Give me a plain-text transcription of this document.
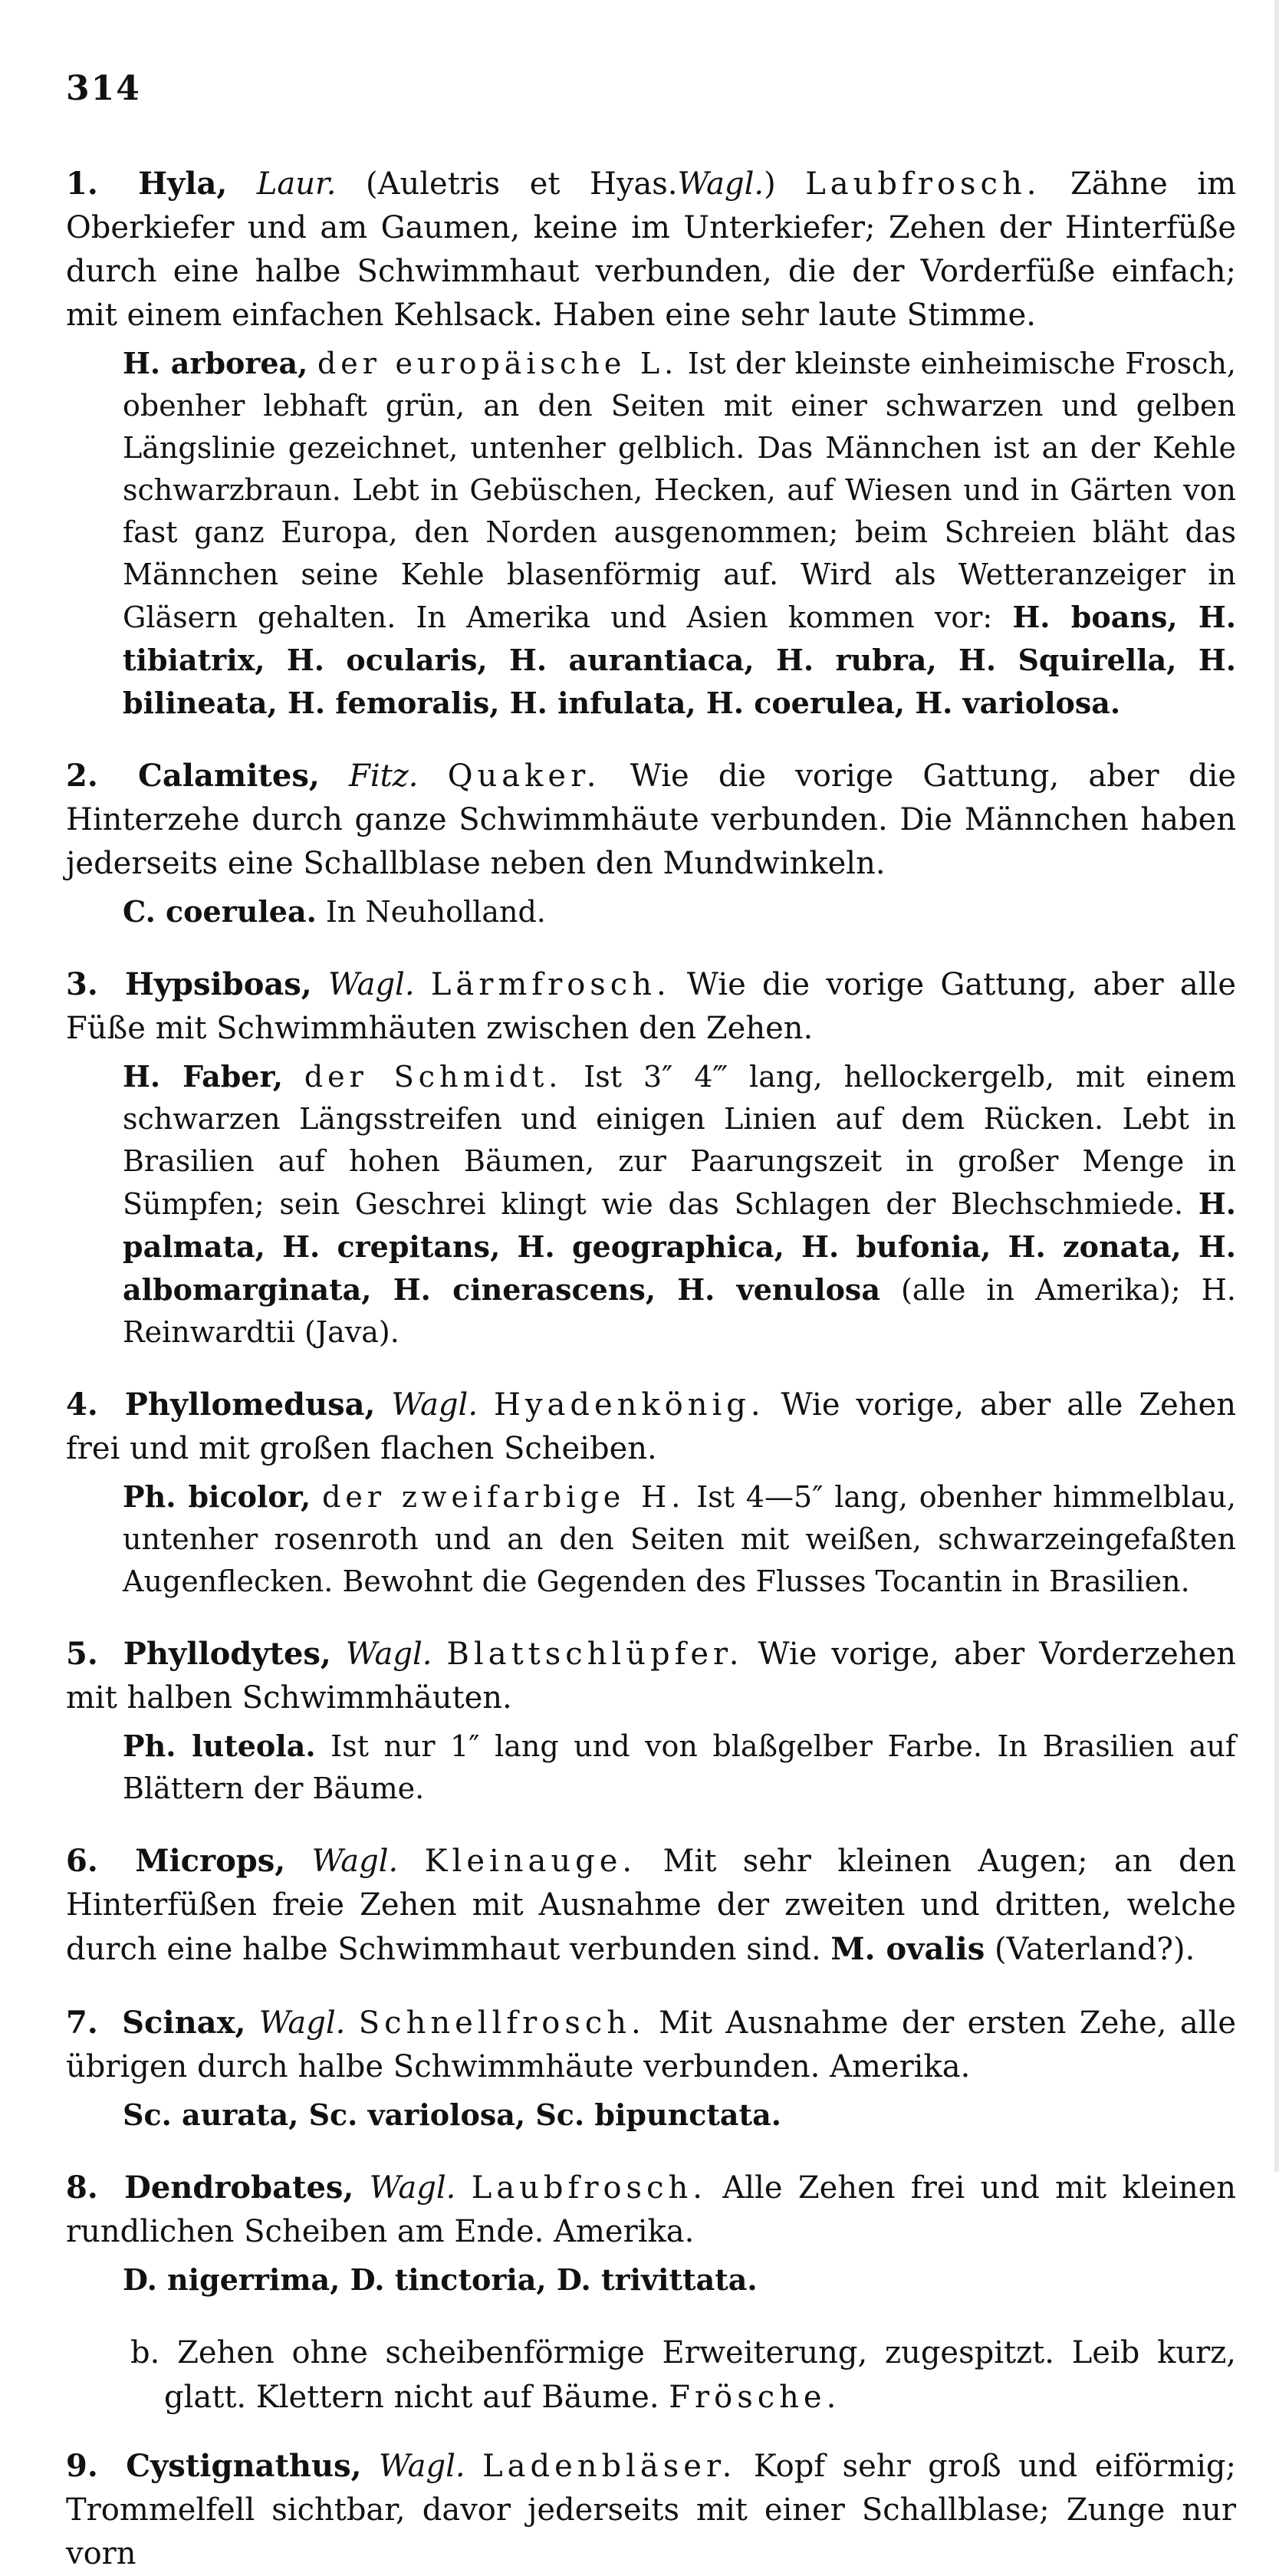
314
1. Hyla, Laur. (Auletris et Hyas.Wagl.) Laubfrosch. Zähne im Oberkiefer und am Gaumen, keine im Unterkiefer; Zehen der Hinterfüße durch eine halbe Schwimmhaut verbunden, die der Vorderfüße einfach; mit einem einfachen Kehlsack. Haben eine sehr laute Stimme.
H. arborea, der europäische L. Ist der kleinste einheimische Frosch, obenher lebhaft grün, an den Seiten mit einer schwarzen und gelben Längslinie gezeichnet, untenher gelblich. Das Männchen ist an der Kehle schwarzbraun. Lebt in Gebüschen, Hecken, auf Wiesen und in Gärten von fast ganz Europa, den Norden ausgenommen; beim Schreien bläht das Männchen seine Kehle blasenförmig auf. Wird als Wetteranzeiger in Gläsern gehalten. In Amerika und Asien kommen vor: H. boans, H. tibiatrix, H. ocularis, H. aurantiaca, H. rubra, H. Squirella, H. bilineata, H. femoralis, H. infulata, H. coerulea, H. variolosa.
2. Calamites, Fitz. Quaker. Wie die vorige Gattung, aber die Hinterzehe durch ganze Schwimmhäute verbunden. Die Männchen haben jederseits eine Schallblase neben den Mundwinkeln.
C. coerulea. In Neuholland.
3. Hypsiboas, Wagl. Lärmfrosch. Wie die vorige Gattung, aber alle Füße mit Schwimmhäuten zwischen den Zehen.
H. Faber, der Schmidt. Ist 3″ 4‴ lang, hellockergelb, mit einem schwarzen Längsstreifen und einigen Linien auf dem Rücken. Lebt in Brasilien auf hohen Bäumen, zur Paarungszeit in großer Menge in Sümpfen; sein Geschrei klingt wie das Schlagen der Blechschmiede. H. palmata, H. crepitans, H. geographica, H. bufonia, H. zonata, H. albomarginata, H. cinerascens, H. venulosa (alle in Amerika); H. Reinwardtii (Java).
4. Phyllomedusa, Wagl. Hyadenkönig. Wie vorige, aber alle Zehen frei und mit großen flachen Scheiben.
Ph. bicolor, der zweifarbige H. Ist 4—5″ lang, obenher himmelblau, untenher rosenroth und an den Seiten mit weißen, schwarzeingefaßten Augenflecken. Bewohnt die Gegenden des Flusses Tocantin in Brasilien.
5. Phyllodytes, Wagl. Blattschlüpfer. Wie vorige, aber Vorderzehen mit halben Schwimmhäuten.
Ph. luteola. Ist nur 1″ lang und von blaßgelber Farbe. In Brasilien auf Blättern der Bäume.
6. Microps, Wagl. Kleinauge. Mit sehr kleinen Augen; an den Hinterfüßen freie Zehen mit Ausnahme der zweiten und dritten, welche durch eine halbe Schwimmhaut verbunden sind. M. ovalis (Vaterland?).
7. Scinax, Wagl. Schnellfrosch. Mit Ausnahme der ersten Zehe, alle übrigen durch halbe Schwimmhäute verbunden. Amerika.
Sc. aurata, Sc. variolosa, Sc. bipunctata.
8. Dendrobates, Wagl. Laubfrosch. Alle Zehen frei und mit kleinen rundlichen Scheiben am Ende. Amerika.
D. nigerrima, D. tinctoria, D. trivittata.
b. Zehen ohne scheibenförmige Erweiterung, zugespitzt. Leib kurz, glatt. Klettern nicht auf Bäume. Frösche.
9. Cystignathus, Wagl. Ladenbläser. Kopf sehr groß und eiförmig; Trommelfell sichtbar, davor jederseits mit einer Schallblase; Zunge nur vorn
